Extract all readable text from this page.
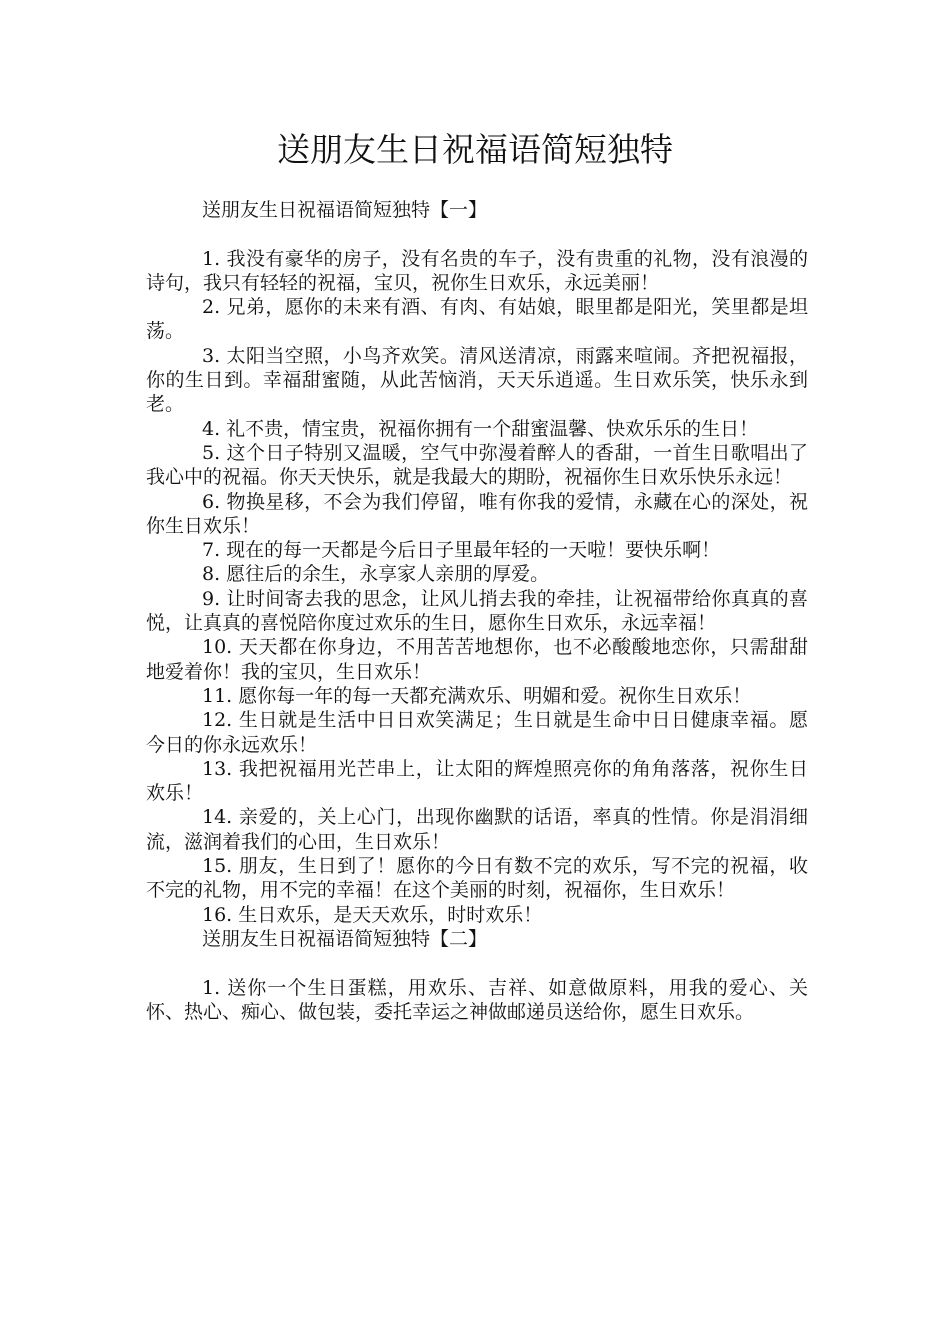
送朋友生日祝福语简短独特

送朋友生日祝福语简短独特【一】

1. 我没有豪华的房子，没有名贵的车子，没有贵重的礼物，没有浪漫的诗句，我只有轻轻的祝福，宝贝，祝你生日欢乐，永远美丽！

2. 兄弟，愿你的未来有酒、有肉、有姑娘，眼里都是阳光，笑里都是坦荡。

3. 太阳当空照，小鸟齐欢笑。清风送清凉，雨露来喧闹。齐把祝福报，你的生日到。幸福甜蜜随，从此苦恼消，天天乐逍遥。生日欢乐笑，快乐永到老。

4. 礼不贵，情宝贵，祝福你拥有一个甜蜜温馨、快欢乐乐的生日！

5. 这个日子特别又温暖，空气中弥漫着醉人的香甜，一首生日歌唱出了我心中的祝福。你天天快乐，就是我最大的期盼，祝福你生日欢乐快乐永远！

6. 物换星移，不会为我们停留，唯有你我的爱情，永藏在心的深处，祝你生日欢乐！

7. 现在的每一天都是今后日子里最年轻的一天啦！要快乐啊！

8. 愿往后的余生，永享家人亲朋的厚爱。

9. 让时间寄去我的思念，让风儿捎去我的牵挂，让祝福带给你真真的喜悦，让真真的喜悦陪你度过欢乐的生日，愿你生日欢乐，永远幸福！

10. 天天都在你身边，不用苦苦地想你，也不必酸酸地恋你，只需甜甜地爱着你！我的宝贝，生日欢乐！

11. 愿你每一年的每一天都充满欢乐、明媚和爱。祝你生日欢乐！

12. 生日就是生活中日日欢笑满足；生日就是生命中日日健康幸福。愿今日的你永远欢乐！

13. 我把祝福用光芒串上，让太阳的辉煌照亮你的角角落落，祝你生日欢乐！

14. 亲爱的，关上心门，出现你幽默的话语，率真的性情。你是涓涓细流，滋润着我们的心田，生日欢乐！

15. 朋友，生日到了！愿你的今日有数不完的欢乐，写不完的祝福，收不完的礼物，用不完的幸福！在这个美丽的时刻，祝福你，生日欢乐！

16. 生日欢乐，是天天欢乐，时时欢乐！

送朋友生日祝福语简短独特【二】

1. 送你一个生日蛋糕，用欢乐、吉祥、如意做原料，用我的爱心、关怀、热心、痴心、做包装，委托幸运之神做邮递员送给你，愿生日欢乐。
